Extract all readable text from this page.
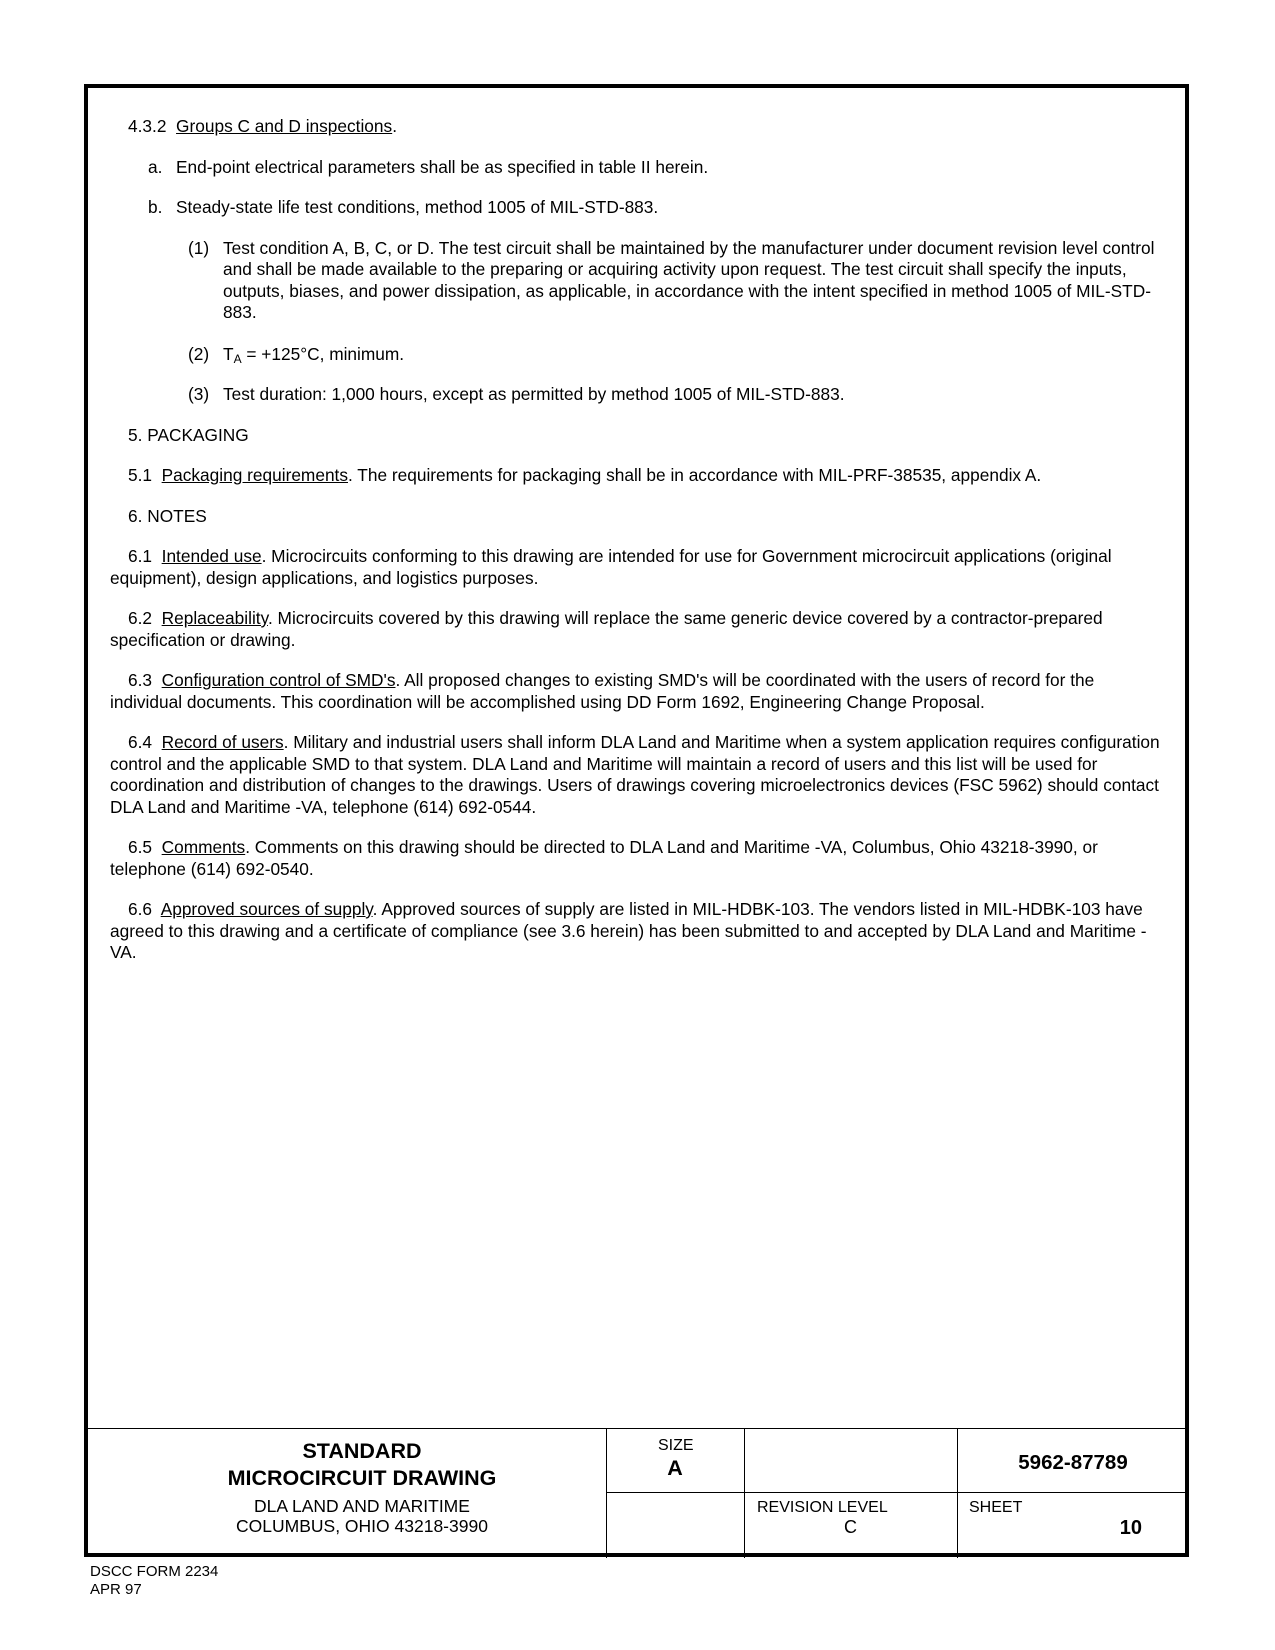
4.3.2 Groups C and D inspections.

a. End-point electrical parameters shall be as specified in table II herein.
b. Steady-state life test conditions, method 1005 of MIL-STD-883.
(1) Test condition A, B, C, or D. The test circuit shall be maintained by the manufacturer under document revision level control and shall be made available to the preparing or acquiring activity upon request. The test circuit shall specify the inputs, outputs, biases, and power dissipation, as applicable, in accordance with the intent specified in method 1005 of MIL-STD-883.
(2) $T_A = +125^\circ C$, minimum.
(3) Test duration: 1,000 hours, except as permitted by method 1005 of MIL-STD-883.

5. PACKAGING

5.1 Packaging requirements. The requirements for packaging shall be in accordance with MIL-PRF-38535, appendix A.

6. NOTES

6.1 Intended use. Microcircuits conforming to this drawing are intended for use for Government microcircuit applications (original equipment), design applications, and logistics purposes.

6.2 Replaceability. Microcircuits covered by this drawing will replace the same generic device covered by a contractor-prepared specification or drawing.

6.3 Configuration control of SMD's. All proposed changes to existing SMD's will be coordinated with the users of record for the individual documents. This coordination will be accomplished using DD Form 1692, Engineering Change Proposal.

6.4 Record of users. Military and industrial users shall inform DLA Land and Maritime when a system application requires configuration control and the applicable SMD to that system. DLA Land and Maritime will maintain a record of users and this list will be used for coordination and distribution of changes to the drawings. Users of drawings covering microelectronics devices (FSC 5962) should contact DLA Land and Maritime -VA, telephone (614) 692-0544.

6.5 Comments. Comments on this drawing should be directed to DLA Land and Maritime -VA, Columbus, Ohio 43218-3990, or telephone (614) 692-0540.

6.6 Approved sources of supply. Approved sources of supply are listed in MIL-HDBK-103. The vendors listed in MIL-HDBK-103 have agreed to this drawing and a certificate of compliance (see 3.6 herein) has been submitted to and accepted by DLA Land and Maritime -VA.

STANDARD
MICROCIRCUIT DRAWING
DLA LAND AND MARITIME
COLUMBUS, OHIO 43218-3990
SIZE
A	5962-87789
REVISION LEVEL
C
SHEET
10
DSCC FORM 2234
APR 97
